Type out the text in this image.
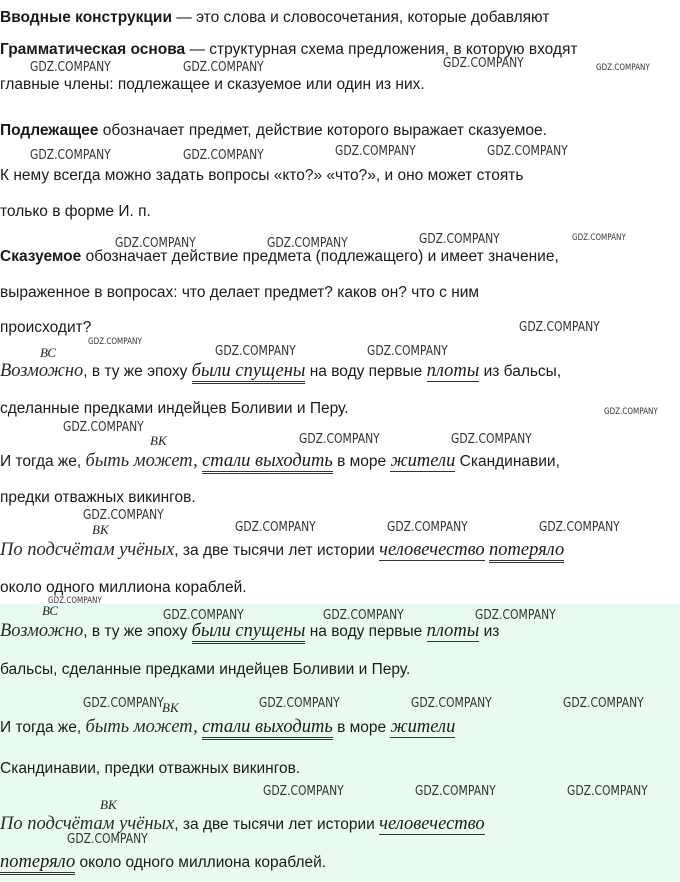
Вводные конструкции — это слова и словосочетания, которые добавляют
Грамматическая основа — структурная схема предложения, в которую входят
главные члены: подлежащее и сказуемое или один из них.
Подлежащее обозначает предмет, действие которого выражает сказуемое.
К нему всегда можно задать вопросы «кто?» «что?», и оно может стоять
только в форме И. п.
Сказуемое обозначает действие предмета (подлежащего) и имеет значение,
выраженное в вопросах: что делает предмет? каков он? что с ним
происходит?
ВС
Возможно, в ту же эпоху были спущены на воду первые плоты из бальсы,
сделанные предками индейцев Боливии и Перу.
ВК
И тогда же, быть может, стали выходить в море жители Скандинавии,
предки отважных викингов.
ВК
По подсчётам учёных, за две тысячи лет истории человечество потеряло
около одного миллиона кораблей.
ВС
Возможно, в ту же эпоху были спущены на воду первые плоты из
бальсы, сделанные предками индейцев Боливии и Перу.
ВК
И тогда же, быть может, стали выходить в море жители
Скандинавии, предки отважных викингов.
ВК
По подсчётам учёных, за две тысячи лет истории человечество
потеряло около одного миллиона кораблей.
GDZ.COMPANY	GDZ.COMPANY	GDZ.COMPANY	GDZ.COMPANY
GDZ.COMPANY	GDZ.COMPANY	GDZ.COMPANY	GDZ.COMPANY
GDZ.COMPANY	GDZ.COMPANY	GDZ.COMPANY	GDZ.COMPANY
GDZ.COMPANY
GDZ.COMPANY
GDZ.COMPANY	GDZ.COMPANY
GDZ.COMPANY
GDZ.COMPANY
GDZ.COMPANY	GDZ.COMPANY
GDZ.COMPANY
GDZ.COMPANY	GDZ.COMPANY	GDZ.COMPANY
GDZ.COMPANY
GDZ.COMPANY	GDZ.COMPANY	GDZ.COMPANY
GDZ.COMPANY	GDZ.COMPANY	GDZ.COMPANY	GDZ.COMPANY
GDZ.COMPANY	GDZ.COMPANY	GDZ.COMPANY
GDZ.COMPANY
